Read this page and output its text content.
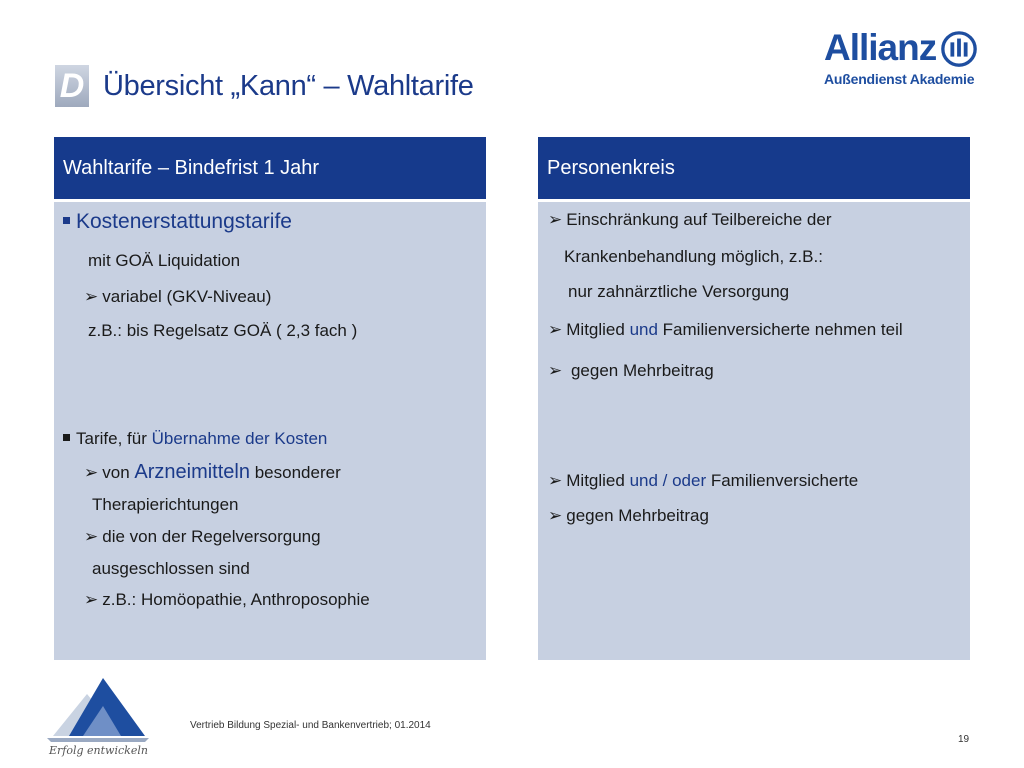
D Übersicht „Kann“ – Wahltarife
Allianz
Außendienst Akademie
Wahltarife – Bindefrist 1 Jahr
Kostenerstattungstarife
mit GOÄ Liquidation
➢ variabel (GKV-Niveau)
z.B.: bis Regelsatz GOÄ ( 2,3 fach )
Tarife, für Übernahme der Kosten
➢ von Arzneimitteln besonderer
Therapierichtungen
➢ die von der Regelversorgung
ausgeschlossen sind
➢ z.B.: Homöopathie, Anthroposophie
Personenkreis
➢ Einschränkung auf Teilbereiche der
Krankenbehandlung möglich, z.B.:
nur zahnärztliche Versorgung
➢ Mitglied und Familienversicherte nehmen teil
➢ gegen Mehrbeitrag
➢ Mitglied und / oder Familienversicherte
➢ gegen Mehrbeitrag
Erfolg entwickeln
Vertrieb Bildung Spezial- und Bankenvertrieb; 01.2014
19
